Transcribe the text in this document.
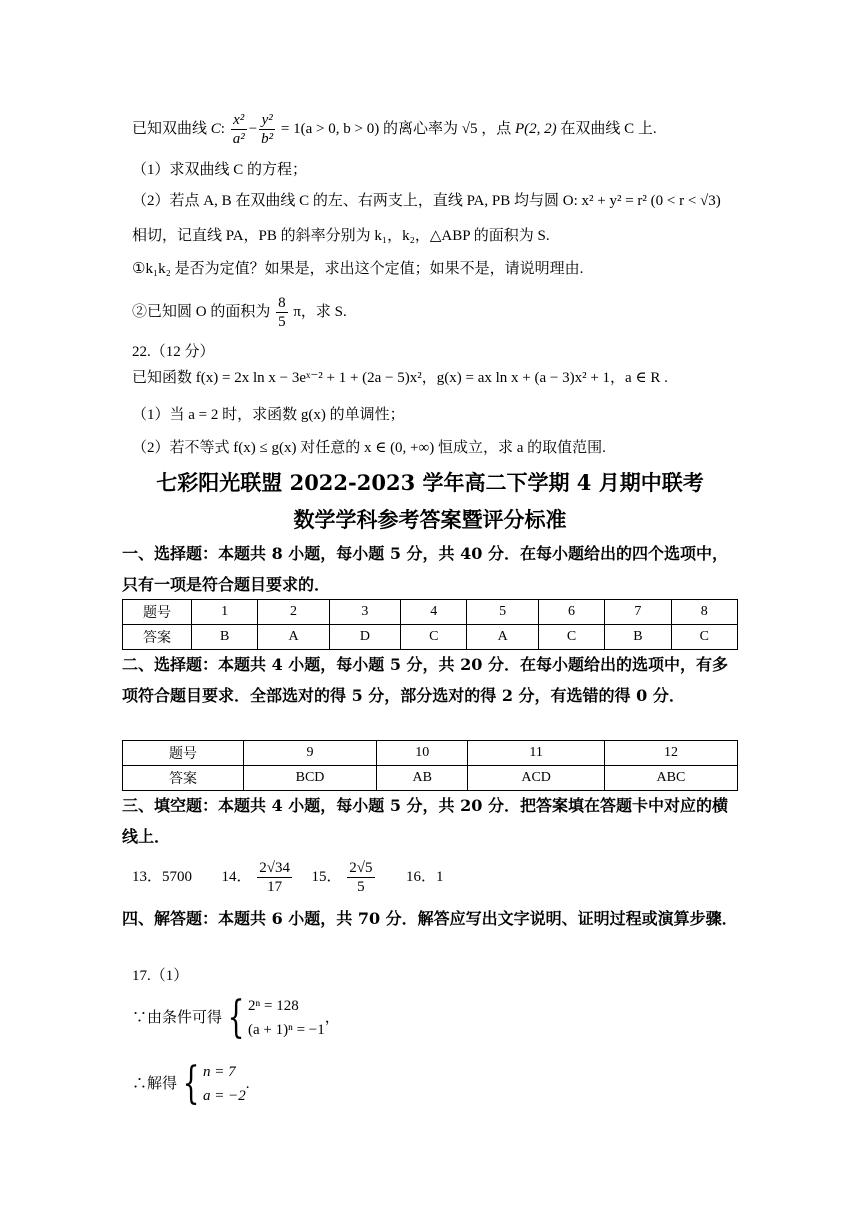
已知双曲线 C: $\frac{\text{x²}}{\text{a²}} - \frac{\text{y²}}{\text{b²}} = 1(a > 0$, b > 0) 的离心率为 √5 ，点 P(2, 2) 在双曲线 C 上.
（1）求双曲线 C 的方程；
（2）若点 A, B 在双曲线 C 的左、右两支上，直线 PA, PB 均与圆 O: x² + y² = r² (0 < r < √3)
相切，记直线 PA，PB 的斜率分别为 k₁，k₂，△ABP 的面积为 S.
①k₁k₂ 是否为定值？如果是，求出这个定值；如果不是，请说明理由.
②已知圆 O 的面积为 $\frac{8}{5}$ π，求 S.
22.（12 分）
已知函数 f(x) = 2x ln x − 3eˣ⁻² + 1 + (2a − 5)x²，g(x) = ax ln x + (a − 3)x² + 1，a ∈ R .
（1）当 a = 2 时，求函数 g(x) 的单调性；
（2）若不等式 f(x) ≤ g(x) 对任意的 x ∈ (0, +∞) 恒成立，求 a 的取值范围.
七彩阳光联盟 2022-2023 学年高二下学期 4 月期中联考
数学学科参考答案暨评分标准
一、选择题：本题共 8 小题，每小题 5 分，共 40 分．在每小题给出的四个选项中，只有一项是符合题目要求的．
题号	1	2	3	4	5	6	7	8
答案	B	A	D	C	A	C	B	C
二、选择题：本题共 4 小题，每小题 5 分，共 20 分．在每小题给出的选项中，有多项符合题目要求．全部选对的得 5 分，部分选对的得 2 分，有选错的得 0 分．
题号	9	10	11	12
答案	BCD	AB	ACD	ABC
三、填空题：本题共 4 小题，每小题 5 分，共 20 分．把答案填在答题卡中对应的横线上．
13．5700 14． $\frac{2√34}{17} 15$． $\frac{2√5}{5} 16$．1
四、解答题：本题共 6 小题，共 70 分．解答应写出文字说明、证明过程或演算步骤．
17.（1）
∵由条件可得 { 2ⁿ = 128
(a + 1)ⁿ = −1
，
∴解得 { n = 7
a = −2
.
